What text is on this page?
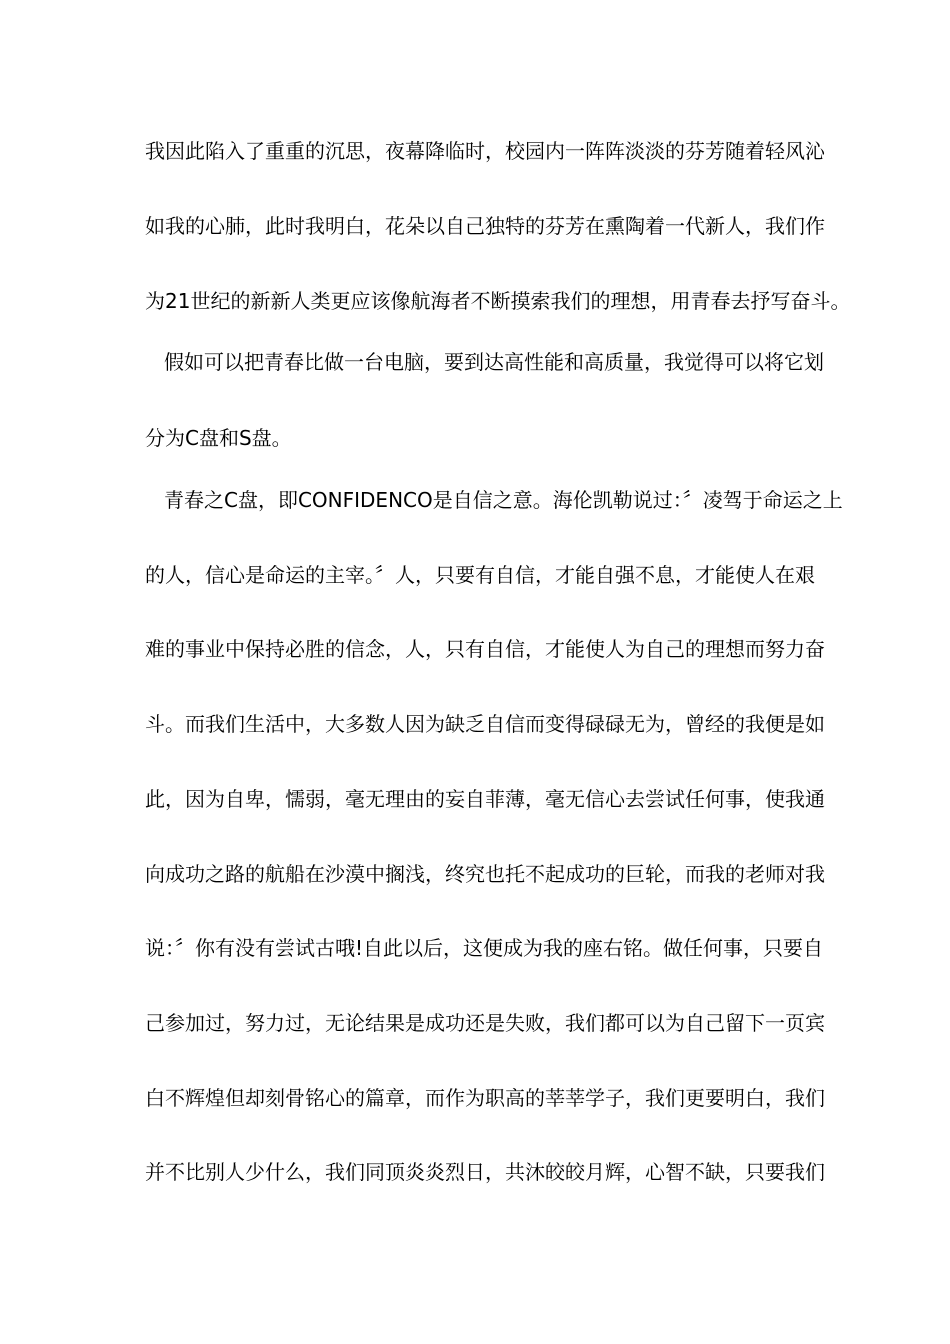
我因此陷入了重重的沉思，夜幕降临时，校园内一阵阵淡淡的芬芳随着轻风沁
如我的心肺，此时我明白，花朵以自己独特的芬芳在熏陶着一代新人，我们作
为21世纪的新新人类更应该像航海者不断摸索我们的理想，用青春去抒写奋斗。
假如可以把青春比做一台电脑，要到达高性能和高质量，我觉得可以将它划
分为C盘和S盘。
青春之C盘，即CONFIDENCO是自信之意。海伦凯勒说过：〞凌驾于命运之上
的人，信心是命运的主宰。〞人，只要有自信，才能自强不息，才能使人在艰
难的事业中保持必胜的信念，人，只有自信，才能使人为自己的理想而努力奋
斗。而我们生活中，大多数人因为缺乏自信而变得碌碌无为，曾经的我便是如
此，因为自卑，懦弱，毫无理由的妄自菲薄，毫无信心去尝试任何事，使我通
向成功之路的航船在沙漠中搁浅，终究也托不起成功的巨轮，而我的老师对我
说：〞你有没有尝试古哦!自此以后，这便成为我的座右铭。做任何事，只要自
己参加过，努力过，无论结果是成功还是失败，我们都可以为自己留下一页宾
白不辉煌但却刻骨铭心的篇章，而作为职高的莘莘学子，我们更要明白，我们
并不比别人少什么，我们同顶炎炎烈日，共沐皎皎月辉，心智不缺，只要我们
